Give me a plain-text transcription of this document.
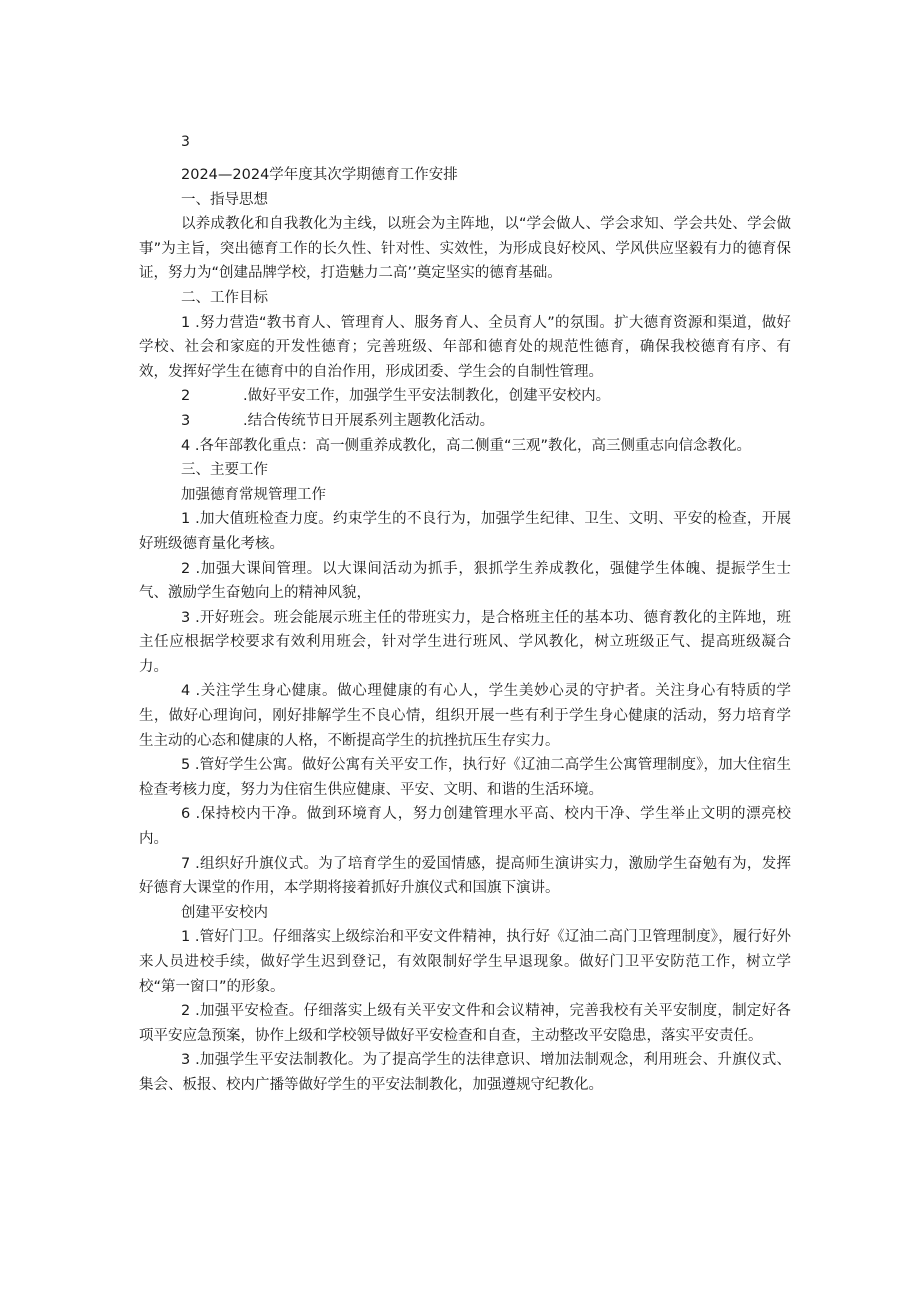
3

2024—2024学年度其次学期德育工作安排

一、指导思想

以养成教化和自我教化为主线，以班会为主阵地，以“学会做人、学会求知、学会共处、学会做事”为主旨，突出德育工作的长久性、针对性、实效性，为形成良好校风、学风供应坚毅有力的德育保证，努力为“创建品牌学校，打造魅力二高’’奠定坚实的德育基础。

二、工作目标

1 .努力营造“教书育人、管理育人、服务育人、全员育人”的氛围。扩大德育资源和渠道，做好学校、社会和家庭的开发性德育；完善班级、年部和德育处的规范性德育，确保我校德育有序、有效，发挥好学生在德育中的自治作用，形成团委、学生会的自制性管理。

2	.做好平安工作，加强学生平安法制教化，创建平安校内。

3	.结合传统节日开展系列主题教化活动。

4 .各年部教化重点：高一侧重养成教化，高二侧重“三观”教化，高三侧重志向信念教化。

三、主要工作

加强德育常规管理工作

1 .加大值班检查力度。约束学生的不良行为，加强学生纪律、卫生、文明、平安的检查，开展好班级德育量化考核。

2 .加强大课间管理。以大课间活动为抓手，狠抓学生养成教化，强健学生体魄、提振学生士气、激励学生奋勉向上的精神风貌，

3 .开好班会。班会能展示班主任的带班实力，是合格班主任的基本功、德育教化的主阵地，班主任应根据学校要求有效利用班会，针对学生进行班风、学风教化，树立班级正气、提高班级凝合力。

4 .关注学生身心健康。做心理健康的有心人，学生美妙心灵的守护者。关注身心有特质的学生，做好心理询问，刚好排解学生不良心情，组织开展一些有利于学生身心健康的活动，努力培育学生主动的心态和健康的人格，不断提高学生的抗挫抗压生存实力。

5 .管好学生公寓。做好公寓有关平安工作，执行好《辽油二高学生公寓管理制度》，加大住宿生检查考核力度，努力为住宿生供应健康、平安、文明、和谐的生活环境。

6 .保持校内干净。做到环境育人，努力创建管理水平高、校内干净、学生举止文明的漂亮校内。

7 .组织好升旗仪式。为了培育学生的爱国情感，提高师生演讲实力，激励学生奋勉有为，发挥好德育大课堂的作用，本学期将接着抓好升旗仪式和国旗下演讲。

创建平安校内

1 .管好门卫。仔细落实上级综治和平安文件精神，执行好《辽油二高门卫管理制度》，履行好外来人员进校手续，做好学生迟到登记，有效限制好学生早退现象。做好门卫平安防范工作，树立学校“第一窗口”的形象。

2 .加强平安检查。仔细落实上级有关平安文件和会议精神，完善我校有关平安制度，制定好各项平安应急预案，协作上级和学校领导做好平安检查和自查，主动整改平安隐患，落实平安责任。

3 .加强学生平安法制教化。为了提高学生的法律意识、增加法制观念，利用班会、升旗仪式、集会、板报、校内广播等做好学生的平安法制教化，加强遵规守纪教化。
